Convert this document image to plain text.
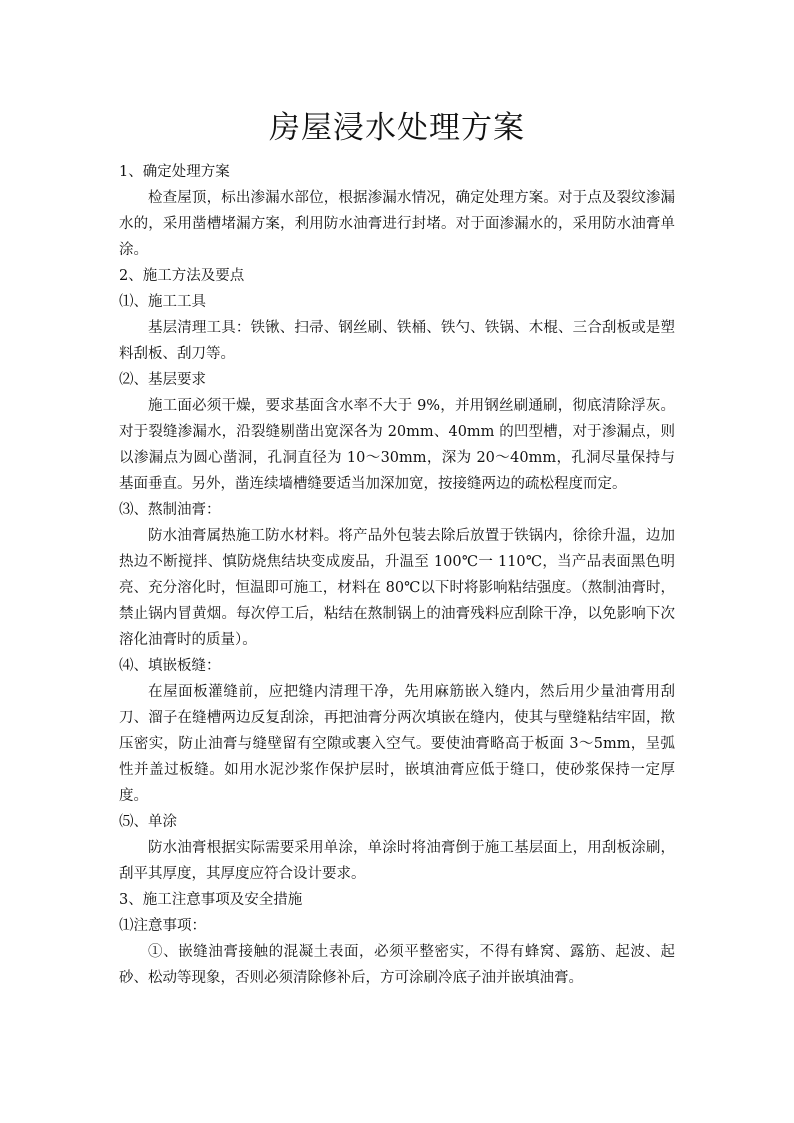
房屋浸水处理方案

1、确定处理方案

检查屋顶，标出渗漏水部位，根据渗漏水情况，确定处理方案。对于点及裂纹渗漏水的，采用凿槽堵漏方案，利用防水油膏进行封堵。对于面渗漏水的，采用防水油膏单涂。

2、施工方法及要点

⑴、施工工具

基层清理工具：铁锹、扫帚、钢丝刷、铁桶、铁勺、铁锅、木棍、三合刮板或是塑料刮板、刮刀等。

⑵、基层要求

施工面必须干燥，要求基面含水率不大于 9%，并用钢丝刷通刷，彻底清除浮灰。对于裂缝渗漏水，沿裂缝剔凿出宽深各为 20mm、40mm 的凹型槽，对于渗漏点，则以渗漏点为圆心凿洞，孔洞直径为 10～30mm，深为 20～40mm，孔洞尽量保持与基面垂直。另外，凿连续墙槽缝要适当加深加宽，按接缝两边的疏松程度而定。

⑶、熬制油膏：

防水油膏属热施工防水材料。将产品外包装去除后放置于铁锅内，徐徐升温，边加热边不断搅拌、慎防烧焦结块变成废品，升温至 100℃一 110℃，当产品表面黑色明亮、充分溶化时，恒温即可施工，材料在 80℃以下时将影响粘结强度。（熬制油膏时，禁止锅内冒黄烟。每次停工后，粘结在熬制锅上的油膏残料应刮除干净，以免影响下次溶化油膏时的质量）。

⑷、填嵌板缝：

在屋面板灌缝前，应把缝内清理干净，先用麻筋嵌入缝内，然后用少量油膏用刮刀、溜子在缝槽两边反复刮涂，再把油膏分两次填嵌在缝内，使其与壁缝粘结牢固，揿压密实，防止油膏与缝壁留有空隙或裹入空气。要使油膏略高于板面 3～5mm，呈弧性并盖过板缝。如用水泥沙浆作保护层时，嵌填油膏应低于缝口，使砂浆保持一定厚度。

⑸、单涂

防水油膏根据实际需要采用单涂，单涂时将油膏倒于施工基层面上，用刮板涂刷，刮平其厚度，其厚度应符合设计要求。

3、施工注意事项及安全措施

⑴注意事项：

①、嵌缝油膏接触的混凝土表面，必须平整密实，不得有蜂窝、露筋、起波、起砂、松动等现象，否则必须清除修补后，方可涂刷冷底子油并嵌填油膏。
